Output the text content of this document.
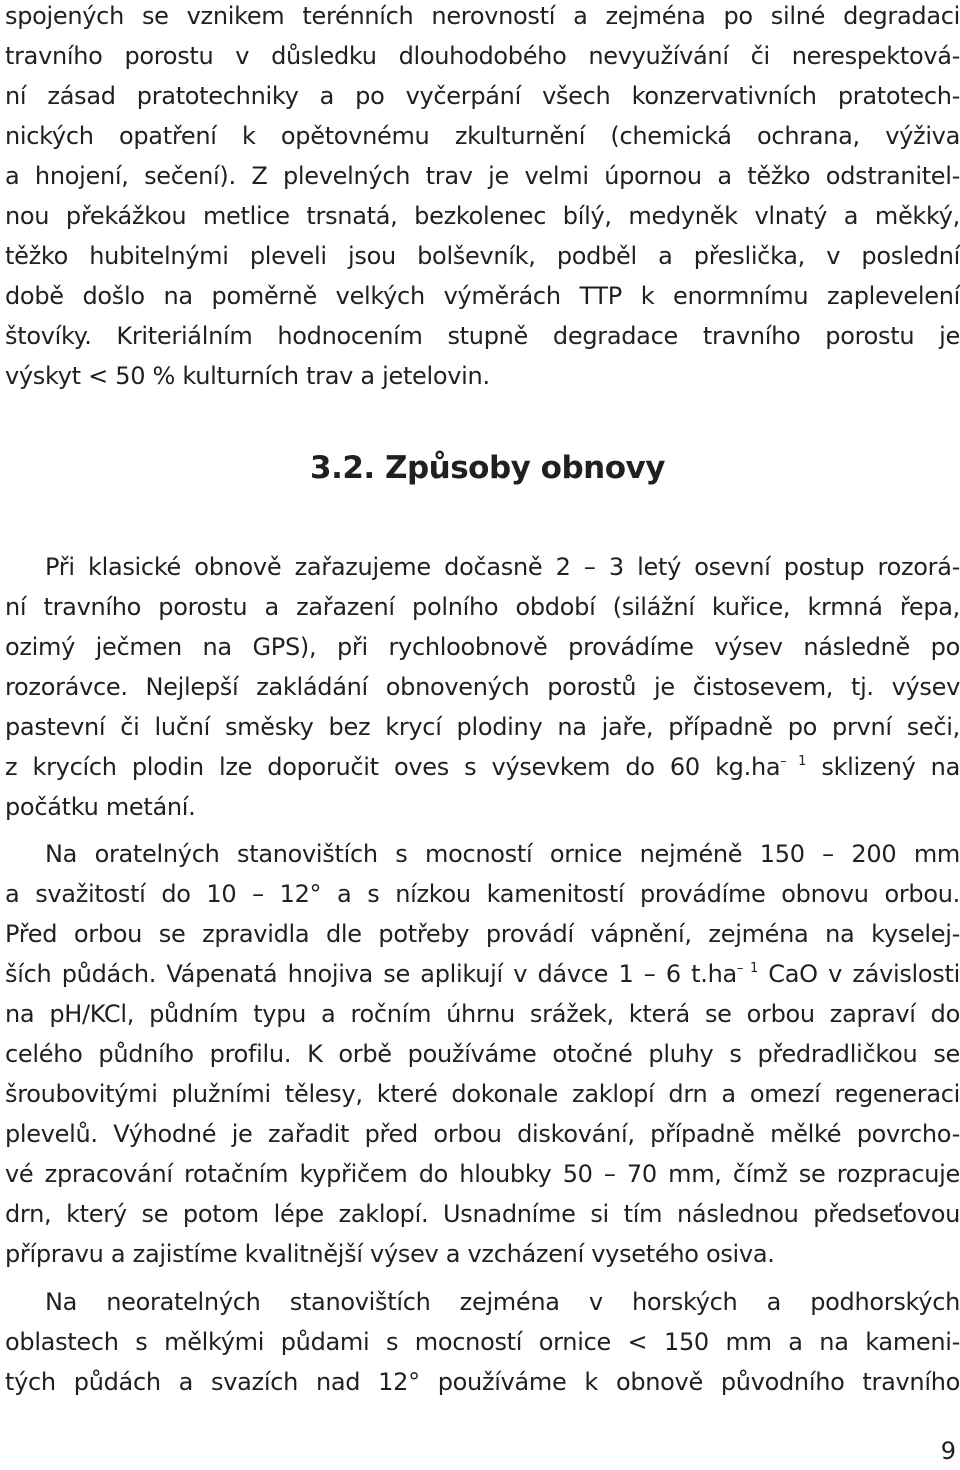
spojených se vznikem terénních nerovností a zejména po silné degradaci
travního porostu v důsledku dlouhodobého nevyužívání či nerespektová-
ní zásad pratotechniky a po vyčerpání všech konzervativních pratotech-
nických opatření k opětovnému zkulturnění (chemická ochrana, výživa
a hnojení, sečení). Z plevelných trav je velmi úpornou a těžko odstranitel-
nou překážkou metlice trsnatá, bezkolenec bílý, medyněk vlnatý a měkký,
těžko hubitelnými pleveli jsou bolševník, podběl a přeslička, v poslední
době došlo na poměrně velkých výměrách TTP k enormnímu zaplevelení
štovíky. Kriteriálním hodnocením stupně degradace travního porostu je
výskyt < 50 % kulturních trav a jetelovin.
3.2. Způsoby obnovy
Při klasické obnově zařazujeme dočasně 2 – 3 letý osevní postup rozorá-
ní travního porostu a zařazení polního období (silážní kuřice, krmná řepa,
ozimý ječmen na GPS), při rychloobnově provádíme výsev následně po
rozorávce. Nejlepší zakládání obnovených porostů je čistosevem, tj. výsev
pastevní či luční směsky bez krycí plodiny na jaře, případně po první seči,
z krycích plodin lze doporučit oves s výsevkem do 60 $kg.ha^{- 1}$ sklizený na
počátku metání.
Na oratelných stanovištích s mocností ornice nejméně 150 – 200 mm
a svažitostí do 10 – 12° a s nízkou kamenitostí provádíme obnovu orbou.
Před orbou se zpravidla dle potřeby provádí vápnění, zejména na kyselej-
ších půdách. Vápenatá hnojiva se aplikují v dávce 1 – 6 $t.ha^{- 1}$ CaO v závislosti
na pH/KCl, půdním typu a ročním úhrnu srážek, která se orbou zapraví do
celého půdního profilu. K orbě používáme otočné pluhy s předradličkou se
šroubovitými plužními tělesy, které dokonale zaklopí drn a omezí regeneraci
plevelů. Výhodné je zařadit před orbou diskování, případně mělké povrcho-
vé zpracování rotačním kypřičem do hloubky 50 – 70 mm, čímž se rozpracuje
drn, který se potom lépe zaklopí. Usnadníme si tím následnou předseťovou
přípravu a zajistíme kvalitnější výsev a vzcházení vysetého osiva.
Na neoratelných stanovištích zejména v horských a podhorských
oblastech s mělkými půdami s mocností ornice < 150 mm a na kameni-
tých půdách a svazích nad 12° používáme k obnově původního travního
9
